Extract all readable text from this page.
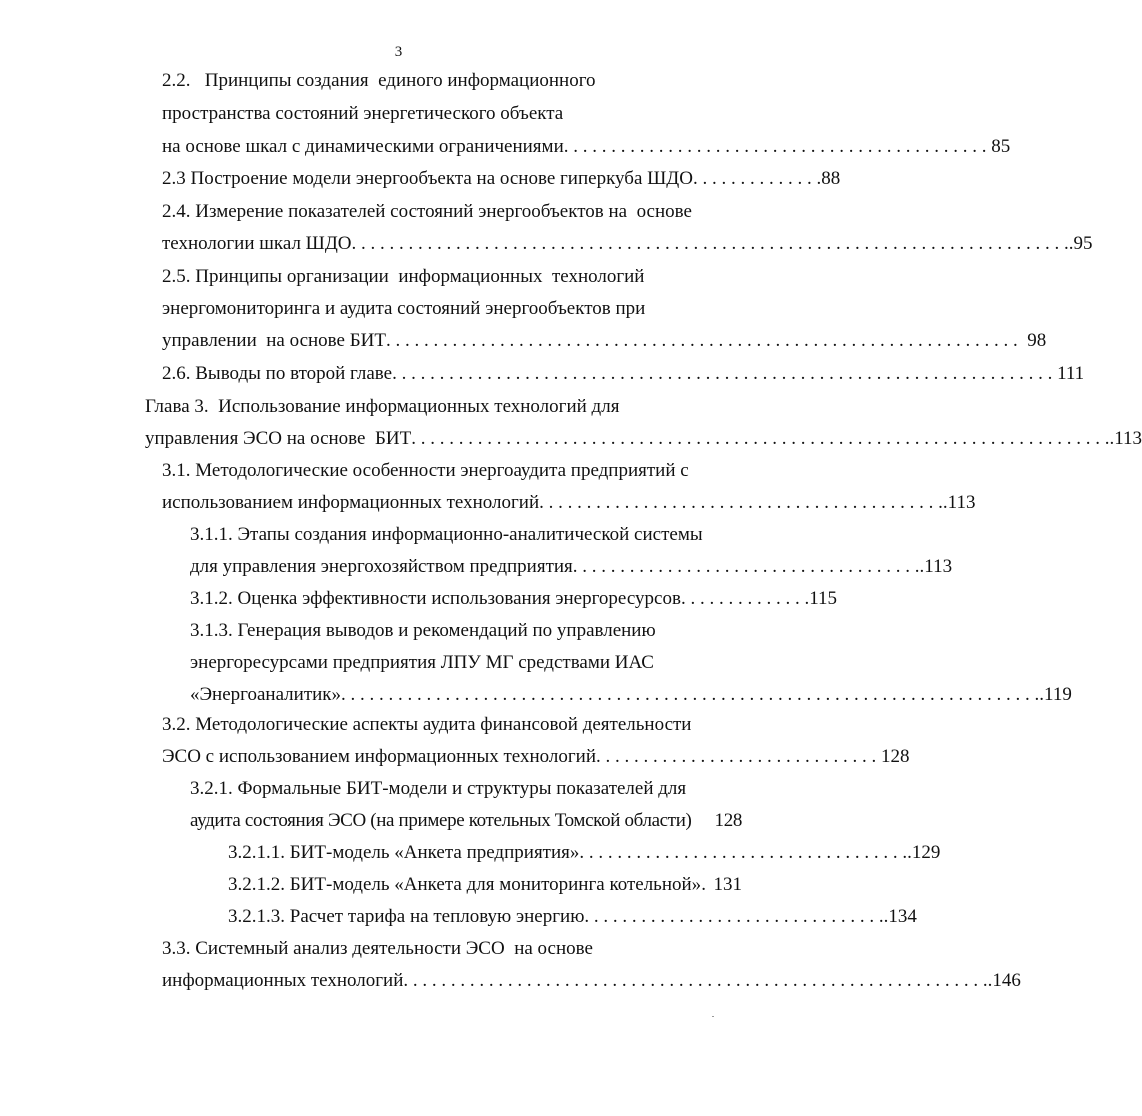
3
2.2.   Принципы создания  единого информационного
пространства состояний энергетического объекта
на основе шкал с динамическими ограничениями . . . . . . . . . . . . . . . . . . . . . . . . . . . . . . . . . . . . . . . . . . . . . 85
2.3 Построение модели энергообъекта на основе гиперкуба ШДО . . . . . . . . . . . . . . 88
2.4. Измерение показателей состояний энергообъектов на  основе
технологии шкал ШДО . . . . . . . . . . . . . . . . . . . . . . . . . . . . . . . . . . . . . . . . . . . . . . . . . . . . . . . . . . . . . . . . . . . . . . . . . . . . .95
2.5. Принципы организации  информационных  технологий
энергомониторинга и аудита состояний энергообъектов при
управлении  на основе БИТ . . . . . . . . . . . . . . . . . . . . . . . . . . . . . . . . . . . . . . . . . . . . . . . . . . . . . . . . . . . . . . . . . . . 98
2.6. Выводы по второй главе . . . . . . . . . . . . . . . . . . . . . . . . . . . . . . . . . . . . . . . . . . . . . . . . . . . . . . . . . . . . . . . . . . . . . . 111
Глава 3.  Использование информационных технологий для
управления ЭСО на основе  БИТ . . . . . . . . . . . . . . . . . . . . . . . . . . . . . . . . . . . . . . . . . . . . . . . . . . . . . . . . . . . . . . . . . . . . . . . . . . .113
3.1. Методологические особенности энергоаудита предприятий с
использованием информационных технологий . . . . . . . . . . . . . . . . . . . . . . . . . . . . . . . . . . . . . . . . . . . .113
3.1.1. Этапы создания информационно-аналитической системы
для управления энергохозяйством предприятия . . . . . . . . . . . . . . . . . . . . . . . . . . . . . . . . . . . . . .113
3.1.2. Оценка эффективности использования энергоресурсов . . . . . . . . . . . . . . 115
3.1.3. Генерация выводов и рекомендаций по управлению
энергоресурсами предприятия ЛПУ МГ средствами ИАС
«Энергоаналитик» . . . . . . . . . . . . . . . . . . . . . . . . . . . . . . . . . . . . . . . . . . . . . . . . . . . . . . . . . . . . . . . . . . . . . . . . . . .119
3.2. Методологические аспекты аудита финансовой деятельности
ЭСО с использованием информационных технологий . . . . . . . . . . . . . . . . . . . . . . . . . . . . . . 128
3.2.1. Формальные БИТ-модели и структуры показателей для
аудита состояния ЭСО (на примере котельных Томской области) 128
3.2.1.1. БИТ-модель «Анкета предприятия» . . . . . . . . . . . . . . . . . . . . . . . . . . . . . . . . . . . .129
3.2.1.2. БИТ-модель «Анкета для мониторинга котельной» . 131
3.2.1.3. Расчет тарифа на тепловую энергию . . . . . . . . . . . . . . . . . . . . . . . . . . . . . . . . .134
3.3. Системный анализ деятельности ЭСО  на основе
информационных технологий . . . . . . . . . . . . . . . . . . . . . . . . . . . . . . . . . . . . . . . . . . . . . . . . . . . . . . . . . . . . . . .146
